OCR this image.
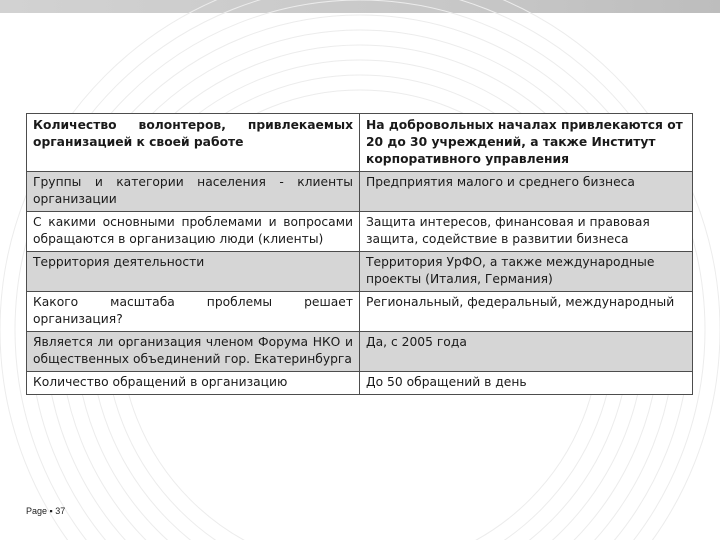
Количество волонтеров, привлекаемых организацией к своей работе	На добровольных началах привлекаются от 20 до 30 учреждений, а также Институт корпоративного управления
Группы и категории населения - клиенты организации	Предприятия малого и среднего бизнеса
С какими основными проблемами и вопросами обращаются в организацию люди (клиенты)	Защита интересов, финансовая и правовая защита, содействие в развитии бизнеса
Территория деятельности	Территория УрФО, а также международные проекты (Италия, Германия)
Какого масштаба проблемы решает организация?	Региональный, федеральный, международный
Является ли организация членом Форума НКО и общественных объединений гор. Екатеринбурга	Да, с 2005 года
Количество обращений в организацию	До 50 обращений в день
Page ▪ 37
